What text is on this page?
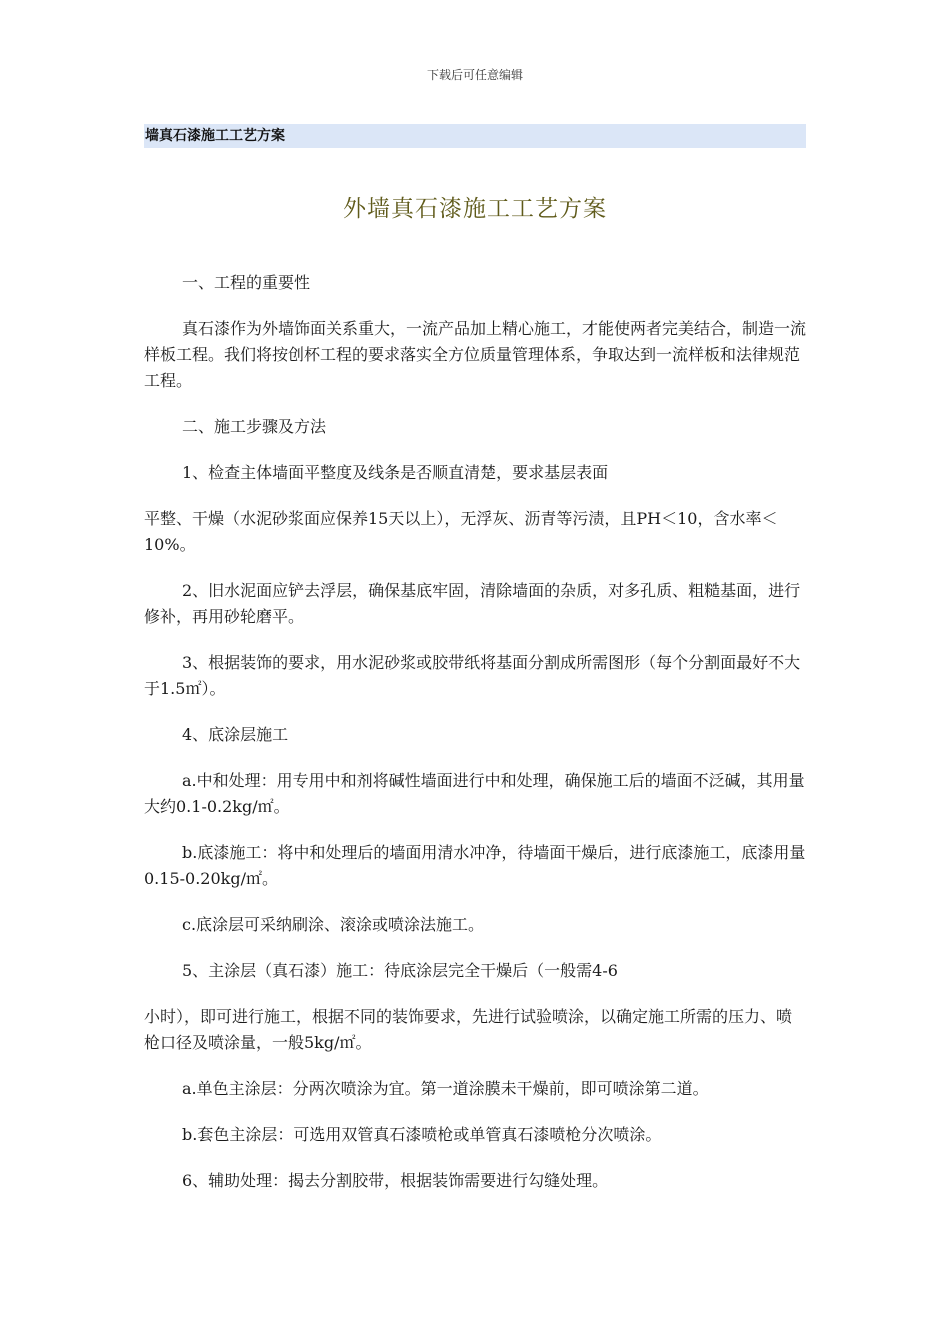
下载后可任意编辑
墙真石漆施工工艺方案
外墙真石漆施工工艺方案

一、工程的重要性

真石漆作为外墙饰面关系重大，一流产品加上精心施工，才能使两者完美结合，制造一流样板工程。我们将按创杯工程的要求落实全方位质量管理体系，争取达到一流样板和法律规范工程。

二、施工步骤及方法

1、检查主体墙面平整度及线条是否顺直清楚，要求基层表面

平整、干燥（水泥砂浆面应保养15天以上），无浮灰、沥青等污渍，且PH＜10，含水率＜10%。

2、旧水泥面应铲去浮层，确保基底牢固，清除墙面的杂质，对多孔质、粗糙基面，进行修补，再用砂轮磨平。

3、根据装饰的要求，用水泥砂浆或胶带纸将基面分割成所需图形（每个分割面最好不大于1.5㎡）。

4、底涂层施工

a.中和处理：用专用中和剂将碱性墙面进行中和处理，确保施工后的墙面不泛碱，其用量大约0.1-0.2kg/㎡。

b.底漆施工：将中和处理后的墙面用清水冲净，待墙面干燥后，进行底漆施工，底漆用量0.15-0.20kg/㎡。

c.底涂层可采纳刷涂、滚涂或喷涂法施工。

5、主涂层（真石漆）施工：待底涂层完全干燥后（一般需4-6

小时），即可进行施工，根据不同的装饰要求，先进行试验喷涂，以确定施工所需的压力、喷枪口径及喷涂量，一般5kg/㎡。

a.单色主涂层：分两次喷涂为宜。第一道涂膜未干燥前，即可喷涂第二道。

b.套色主涂层：可选用双管真石漆喷枪或单管真石漆喷枪分次喷涂。

6、辅助处理：揭去分割胶带，根据装饰需要进行勾缝处理。
